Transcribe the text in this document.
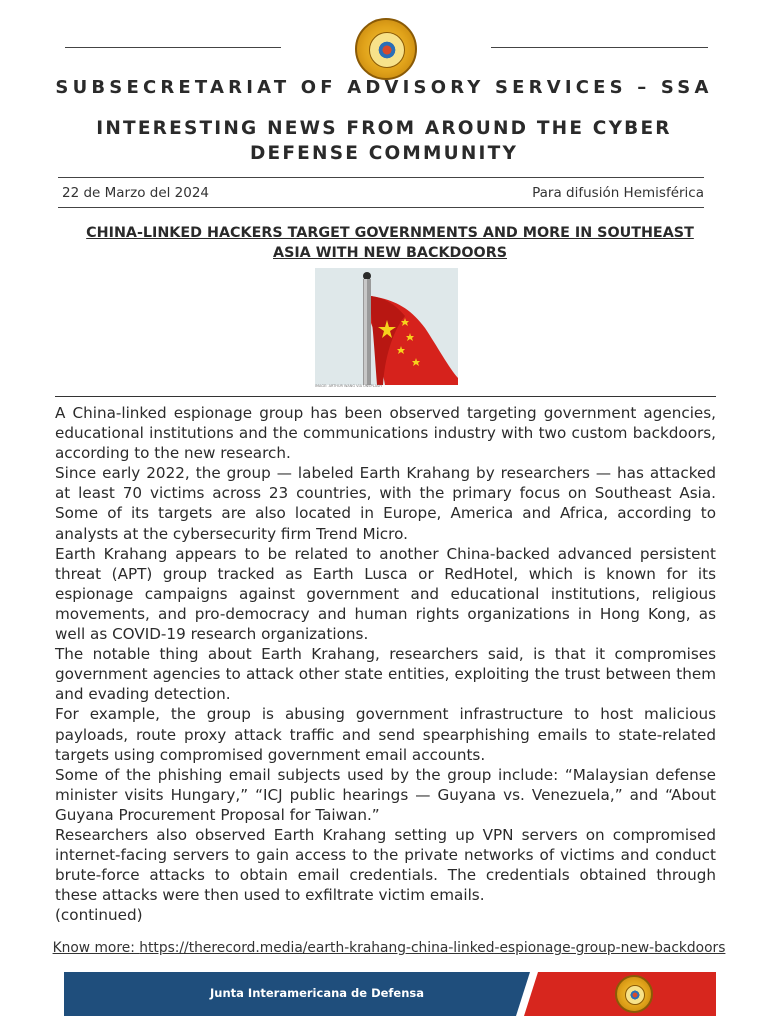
SUBSECRETARIAT OF ADVISORY SERVICES – SSA
INTERESTING NEWS FROM AROUND THE CYBER DEFENSE COMMUNITY
22 de Marzo del 2024	Para difusión Hemisférica
CHINA-LINKED HACKERS TARGET GOVERNMENTS AND MORE IN SOUTHEAST ASIA WITH NEW BACKDOORS
IMAGE: ARTHUR WANG VIA UNSPLASH

A China-linked espionage group has been observed targeting government agencies, educational institutions and the communications industry with two custom backdoors, according to the new research.

Since early 2022, the group — labeled Earth Krahang by researchers — has attacked at least 70 victims across 23 countries, with the primary focus on Southeast Asia. Some of its targets are also located in Europe, America and Africa, according to analysts at the cybersecurity firm Trend Micro.

Earth Krahang appears to be related to another China-backed advanced persistent threat (APT) group tracked as Earth Lusca or RedHotel, which is known for its espionage campaigns against government and educational institutions, religious movements, and pro-democracy and human rights organizations in Hong Kong, as well as COVID-19 research organizations.

The notable thing about Earth Krahang, researchers said, is that it compromises government agencies to attack other state entities, exploiting the trust between them and evading detection.

For example, the group is abusing government infrastructure to host malicious payloads, route proxy attack traffic and send spearphishing emails to state-related targets using compromised government email accounts.

Some of the phishing email subjects used by the group include: “Malaysian defense minister visits Hungary,” “ICJ public hearings — Guyana vs. Venezuela,” and “About Guyana Procurement Proposal for Taiwan.”

Researchers also observed Earth Krahang setting up VPN servers on compromised internet-facing servers to gain access to the private networks of victims and conduct brute-force attacks to obtain email credentials. The credentials obtained through these attacks were then used to exfiltrate victim emails.

(continued)

Know more: https://therecord.media/earth-krahang-china-linked-espionage-group-new-backdoors
Junta Interamericana de Defensa
